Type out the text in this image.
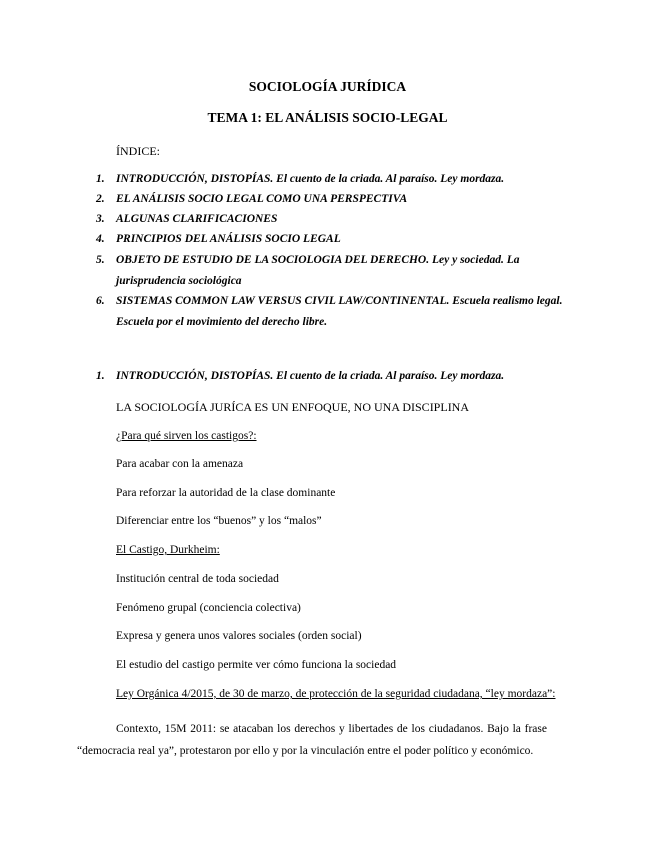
SOCIOLOGÍA JURÍDICA
TEMA 1: EL ANÁLISIS SOCIO-LEGAL
ÍNDICE:
1. INTRODUCCIÓN, DISTOPÍAS. El cuento de la criada. Al paraíso. Ley mordaza.
2. EL ANÁLISIS SOCIO LEGAL COMO UNA PERSPECTIVA
3. ALGUNAS CLARIFICACIONES
4. PRINCIPIOS DEL ANÁLISIS SOCIO LEGAL
5. OBJETO DE ESTUDIO DE LA SOCIOLOGIA DEL DERECHO. Ley y sociedad. La jurisprudencia sociológica
6. SISTEMAS COMMON LAW VERSUS CIVIL LAW/CONTINENTAL. Escuela realismo legal. Escuela por el movimiento del derecho libre.
1. INTRODUCCIÓN, DISTOPÍAS. El cuento de la criada. Al paraíso. Ley mordaza.
LA SOCIOLOGÍA JURÍCA ES UN ENFOQUE, NO UNA DISCIPLINA
¿Para qué sirven los castigos?:
Para acabar con la amenaza
Para reforzar la autoridad de la clase dominante
Diferenciar entre los “buenos” y los “malos”
El Castigo, Durkheim:
Institución central de toda sociedad
Fenómeno grupal (conciencia colectiva)
Expresa y genera unos valores sociales (orden social)
El estudio del castigo permite ver cómo funciona la sociedad
Ley Orgánica 4/2015, de 30 de marzo, de protección de la seguridad ciudadana, “ley mordaza”:
Contexto, 15M 2011: se atacaban los derechos y libertades de los ciudadanos. Bajo la frase “democracia real ya”, protestaron por ello y por la vinculación entre el poder político y económico.
